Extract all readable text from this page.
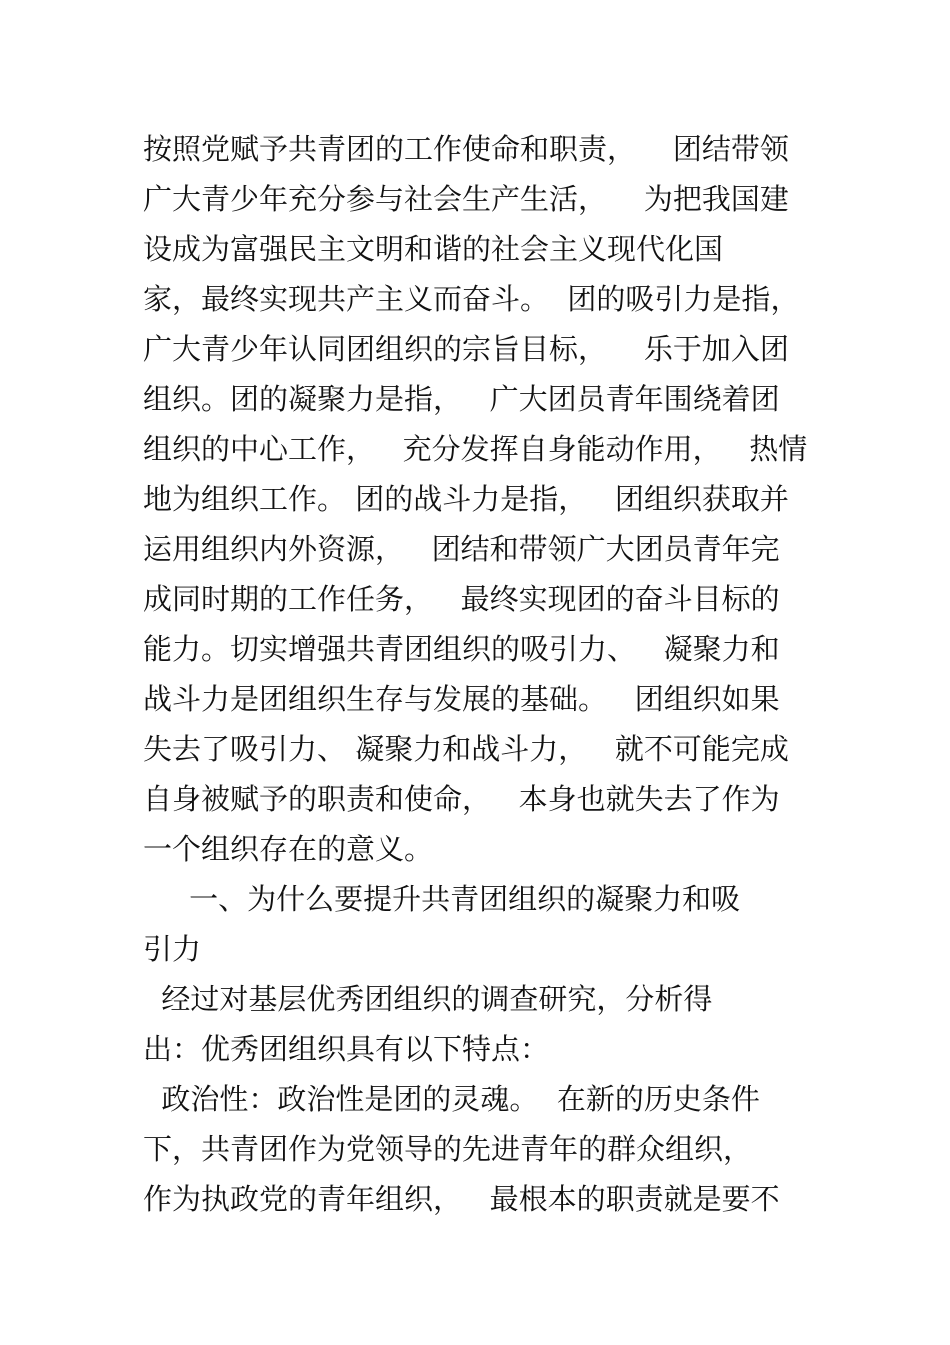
按照党赋予共青团的工作使命和职责，    团结带领
广大青少年充分参与社会生产生活，    为把我国建
设成为富强民主文明和谐的社会主义现代化国
家，最终实现共产主义而奋斗。  团的吸引力是指，
广大青少年认同团组织的宗旨目标，    乐于加入团
组织。团的凝聚力是指，   广大团员青年围绕着团
组织的中心工作，   充分发挥自身能动作用，   热情
地为组织工作。 团的战斗力是指，   团组织获取并
运用组织内外资源，   团结和带领广大团员青年完
成同时期的工作任务，   最终实现团的奋斗目标的
能力。切实增强共青团组织的吸引力、   凝聚力和
战斗力是团组织生存与发展的基础。   团组织如果
失去了吸引力、 凝聚力和战斗力，   就不可能完成
自身被赋予的职责和使命，   本身也就失去了作为
一个组织存在的意义。
一、为什么要提升共青团组织的凝聚力和吸
引力
经过对基层优秀团组织的调查研究，分析得
出：优秀团组织具有以下特点：
政治性：政治性是团的灵魂。  在新的历史条件
下，共青团作为党领导的先进青年的群众组织，
作为执政党的青年组织，   最根本的职责就是要不
